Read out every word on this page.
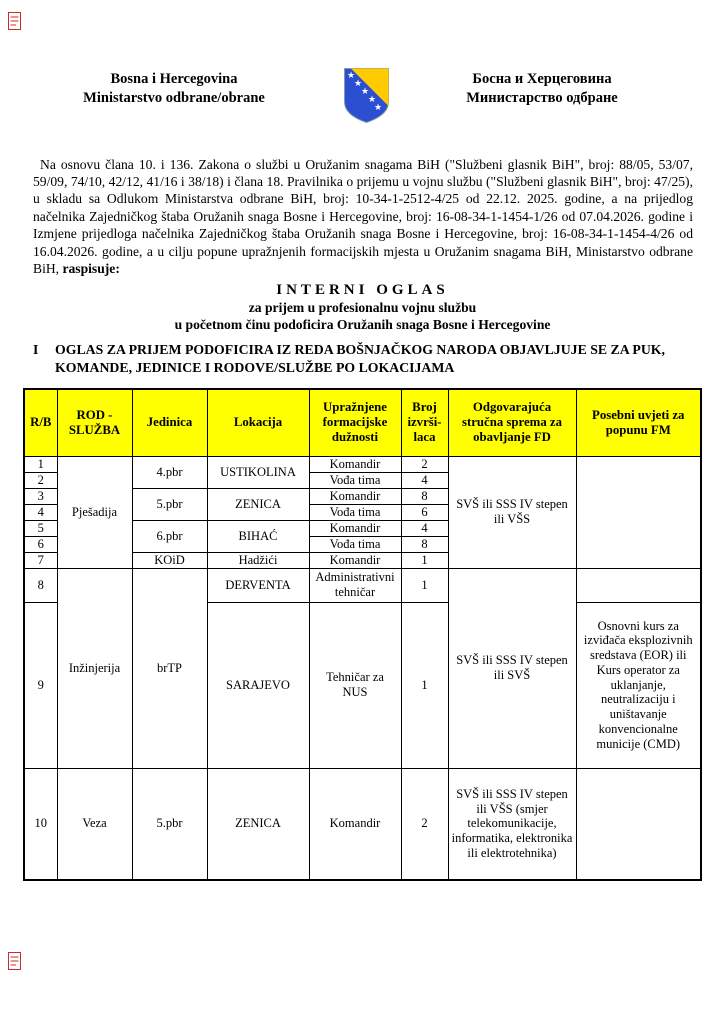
Bosna i Hercegovina
Ministarstvo odbrane/obrane
★
★
★
★
★
Босна и Херцеговина
Министарство одбране

Na osnovu člana 10. i 136. Zakona o službi u Oružanim snagama BiH ("Službeni glasnik BiH", broj: 88/05, 53/07, 59/09, 74/10, 42/12, 41/16 i 38/18) i člana 18. Pravilnika o prijemu u vojnu službu ("Službeni glasnik BiH", broj: 47/25), u skladu sa Odlukom Ministarstva odbrane BiH, broj: 10-34-1-2512-4/25 od 22.12. 2025. godine, a na prijedlog načelnika Zajedničkog štaba Oružanih snaga Bosne i Hercegovine, broj: 16-08-34-1-1454-1/26 od 07.04.2026. godine i Izmjene prijedloga načelnika Zajedničkog štaba Oružanih snaga Bosne i Hercegovine, broj: 16-08-34-1-1454-4/26 od 16.04.2026. godine, a u cilju popune upražnjenih formacijskih mjesta u Oružanim snagama BiH, Ministarstvo odbrane BiH, raspisuje:

INTERNI OGLAS
za prijem u profesionalnu vojnu službu
u početnom činu podoficira Oružanih snaga Bosne i Hercegovine
I	OGLAS ZA PRIJEM PODOFICIRA IZ REDA BOŠNJAČKOG NARODA OBJAVLJUJE SE ZA PUK, KOMANDE, JEDINICE I RODOVE/SLUŽBE PO LOKACIJAMA
R/B	ROD - SLUŽBA	Jedinica	Lokacija	Upražnjene formacijske dužnosti	Broj izvrši-laca	Odgovarajuća stručna sprema za obavljanje FD	Posebni uvjeti za popunu FM
1	Pješadija	4.pbr	USTIKOLINA	Komandir	2	SVŠ ili SSS IV stepen ili VŠS	
2				Vođa tima	4		
3		5.pbr	ZENICA	Komandir	8		
4				Vođa tima	6		
5		6.pbr	BIHAĆ	Komandir	4		
6				Vođa tima	8		
7		KOiD	Hadžići	Komandir	1		
8	Inžinjerija	brTP	DERVENTA	Administrativni tehničar	1	SVŠ ili SSS IV stepen ili SVŠ	
9			SARAJEVO	Tehničar za NUS	1		Osnovni kurs za izviđača eksplozivnih sredstava (EOR) ili Kurs operator za uklanjanje, neutralizaciju i uništavanje konvencionalne municije (CMD)
10	Veza	5.pbr	ZENICA	Komandir	2	SVŠ ili SSS IV stepen ili VŠS (smjer telekomunikacije, informatika, elektronika ili elektrotehnika)	
